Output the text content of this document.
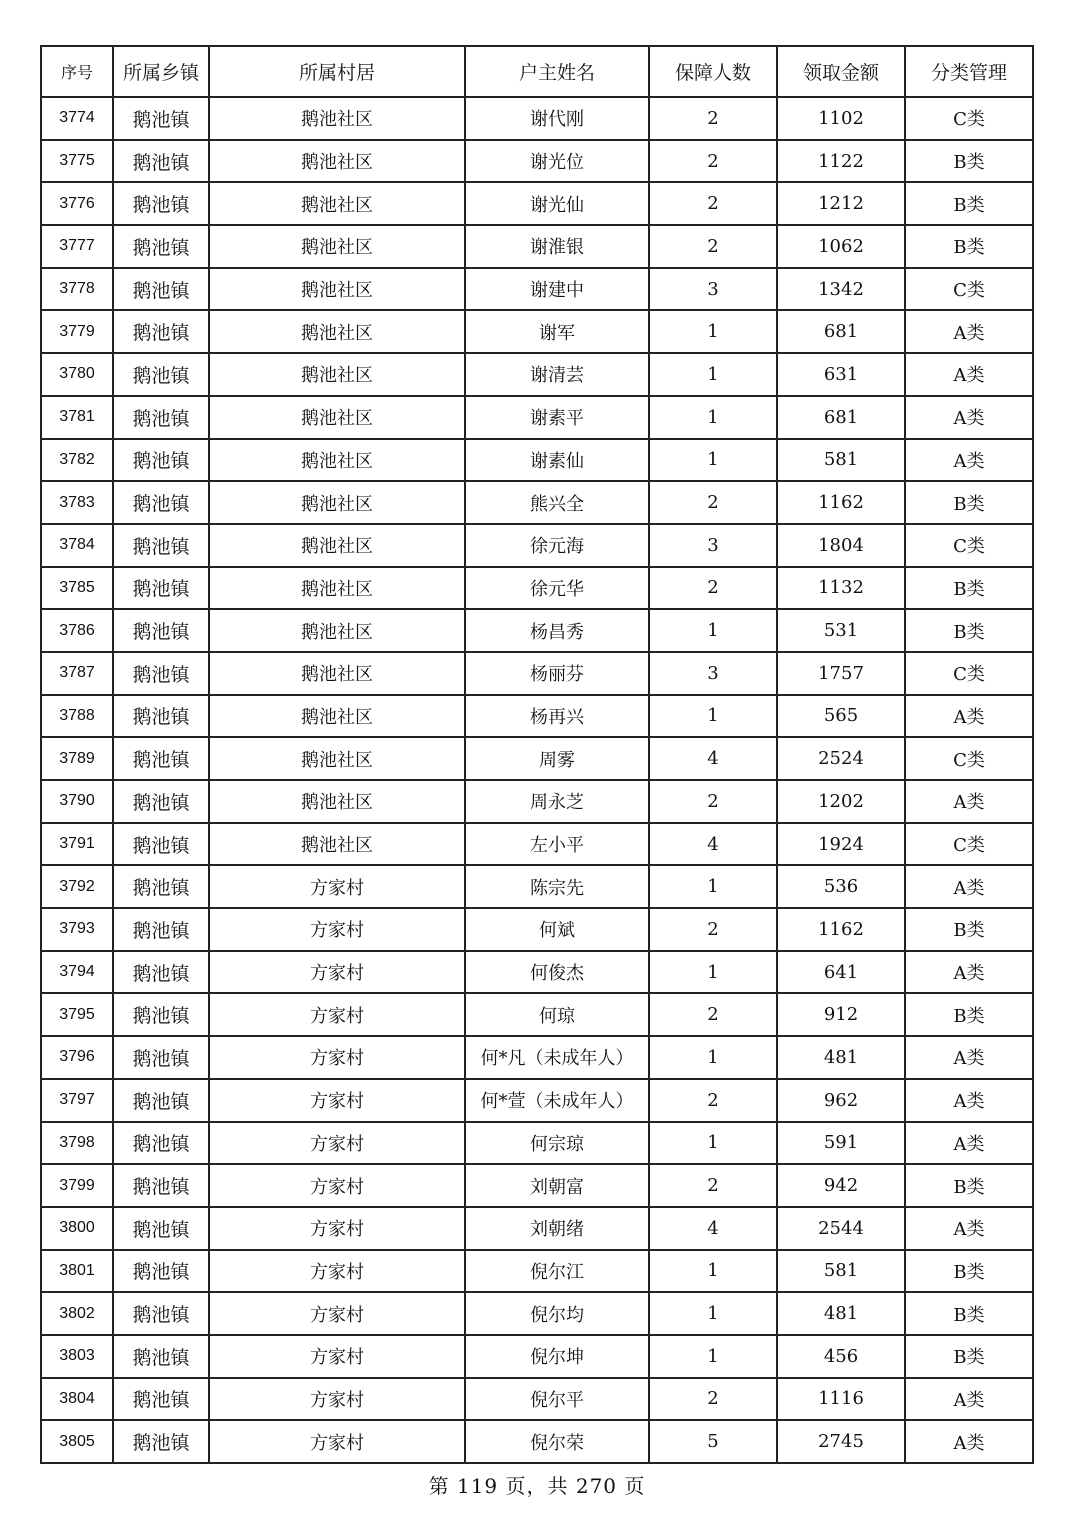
序号	所属乡镇	所属村居	户主姓名	保障人数	领取金额	分类管理
3774	鹅池镇	鹅池社区	谢代刚	2	1102	C类
3775	鹅池镇	鹅池社区	谢光位	2	1122	B类
3776	鹅池镇	鹅池社区	谢光仙	2	1212	B类
3777	鹅池镇	鹅池社区	谢淮银	2	1062	B类
3778	鹅池镇	鹅池社区	谢建中	3	1342	C类
3779	鹅池镇	鹅池社区	谢军	1	681	A类
3780	鹅池镇	鹅池社区	谢清芸	1	631	A类
3781	鹅池镇	鹅池社区	谢素平	1	681	A类
3782	鹅池镇	鹅池社区	谢素仙	1	581	A类
3783	鹅池镇	鹅池社区	熊兴全	2	1162	B类
3784	鹅池镇	鹅池社区	徐元海	3	1804	C类
3785	鹅池镇	鹅池社区	徐元华	2	1132	B类
3786	鹅池镇	鹅池社区	杨昌秀	1	531	B类
3787	鹅池镇	鹅池社区	杨丽芬	3	1757	C类
3788	鹅池镇	鹅池社区	杨再兴	1	565	A类
3789	鹅池镇	鹅池社区	周雾	4	2524	C类
3790	鹅池镇	鹅池社区	周永芝	2	1202	A类
3791	鹅池镇	鹅池社区	左小平	4	1924	C类
3792	鹅池镇	方家村	陈宗先	1	536	A类
3793	鹅池镇	方家村	何斌	2	1162	B类
3794	鹅池镇	方家村	何俊杰	1	641	A类
3795	鹅池镇	方家村	何琼	2	912	B类
3796	鹅池镇	方家村	何*凡（未成年人）	1	481	A类
3797	鹅池镇	方家村	何*萱（未成年人）	2	962	A类
3798	鹅池镇	方家村	何宗琼	1	591	A类
3799	鹅池镇	方家村	刘朝富	2	942	B类
3800	鹅池镇	方家村	刘朝绪	4	2544	A类
3801	鹅池镇	方家村	倪尔江	1	581	B类
3802	鹅池镇	方家村	倪尔均	1	481	B类
3803	鹅池镇	方家村	倪尔坤	1	456	B类
3804	鹅池镇	方家村	倪尔平	2	1116	A类
3805	鹅池镇	方家村	倪尔荣	5	2745	A类
第 119 页，共 270 页
